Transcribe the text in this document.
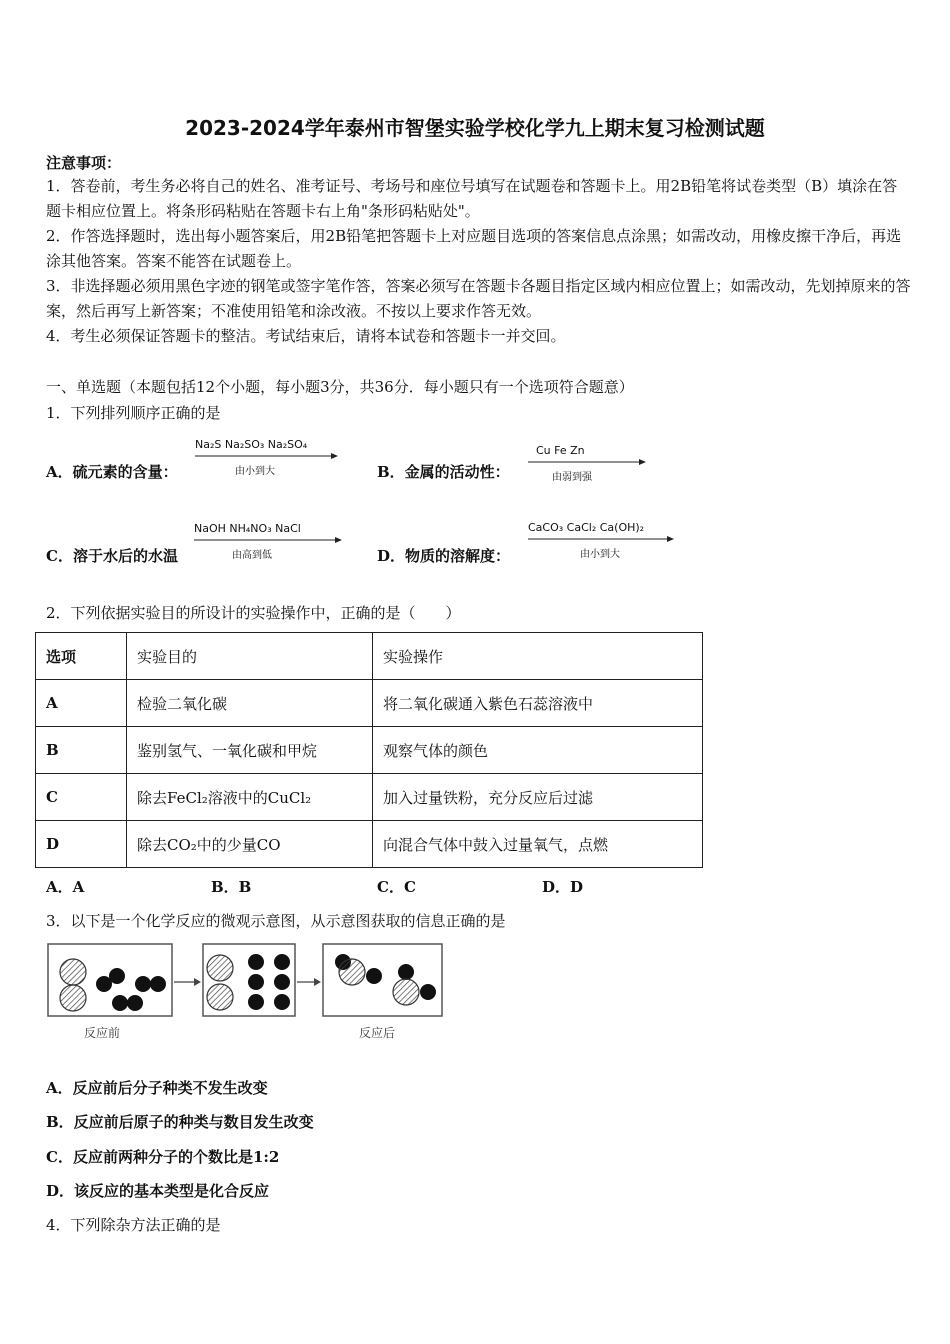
2023-2024学年泰州市智堡实验学校化学九上期末复习检测试题
注意事项：
1．答卷前，考生务必将自己的姓名、准考证号、考场号和座位号填写在试题卷和答题卡上。用2B铅笔将试卷类型（B）填涂在答题卡相应位置上。将条形码粘贴在答题卡右上角"条形码粘贴处"。
2．作答选择题时，选出每小题答案后，用2B铅笔把答题卡上对应题目选项的答案信息点涂黑；如需改动，用橡皮擦干净后，再选涂其他答案。答案不能答在试题卷上。
3．非选择题必须用黑色字迹的钢笔或签字笔作答，答案必须写在答题卡各题目指定区域内相应位置上；如需改动，先划掉原来的答案，然后再写上新答案；不准使用铅笔和涂改液。不按以上要求作答无效。
4．考生必须保证答题卡的整洁。考试结束后，请将本试卷和答题卡一并交回。
一、单选题（本题包括12个小题，每小题3分，共36分．每小题只有一个选项符合题意）
1．下列排列顺序正确的是
A．硫元素的含量：
Na₂S Na₂SO₃ Na₂SO₄
由小到大	B．金属的活动性：
Cu Fe Zn
由弱到强
C．溶于水后的水温
NaOH NH₄NO₃ NaCl
由高到低	D．物质的溶解度：
CaCO₃ CaCl₂ Ca(OH)₂
由小到大
2．下列依据实验目的所设计的实验操作中，正确的是（　　）
选项	实验目的	实验操作
A	检验二氧化碳	将二氧化碳通入紫色石蕊溶液中
B	鉴别氢气、一氧化碳和甲烷	观察气体的颜色
C	除去FeCl₂溶液中的CuCl₂	加入过量铁粉，充分反应后过滤
D	除去CO₂中的少量CO	向混合气体中鼓入过量氧气，点燃
A．A	B．B	C．C	D．D
3．以下是一个化学反应的微观示意图，从示意图获取的信息正确的是
反应前	反应后
A．反应前后分子种类不发生改变
B．反应前后原子的种类与数目发生改变
C．反应前两种分子的个数比是1:2
D．该反应的基本类型是化合反应
4．下列除杂方法正确的是
